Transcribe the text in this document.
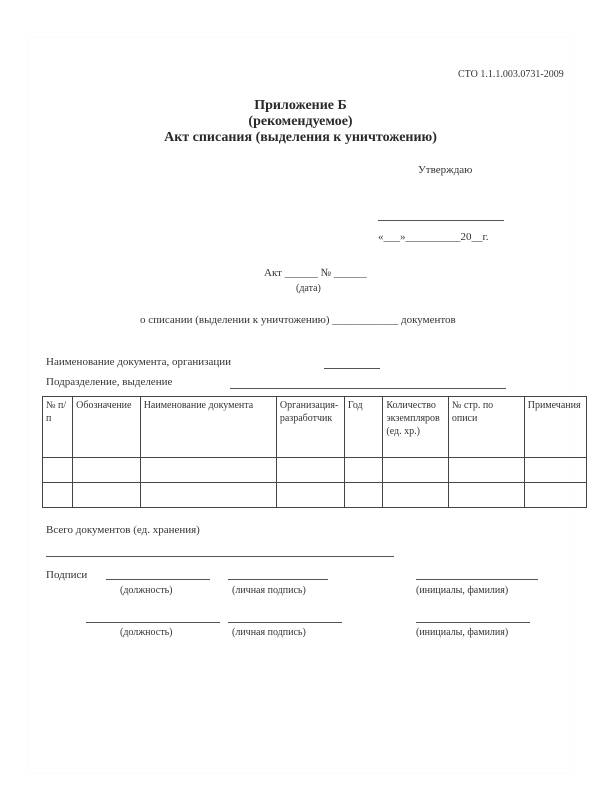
СТО 1.1.1.003.0731-2009
Приложение Б
(рекомендуемое)
Акт списания (выделения к уничтожению)
Утверждаю
«___»__________20__г.
Акт ______ № ______
(дата)
о списании (выделении к уничтожению) ____________ документов
Наименование документа, организации
Подразделение, выделение
№ п/п	Обозначение	Наименование документа	Организация-разработчик	Год	Количество экземпляров (ед. хр.)	№ стр. по описи	Примечания

Всего документов (ед. хранения)
Подписи
(должность)	(личная подпись)	(инициалы, фамилия)
(должность)	(личная подпись)	(инициалы, фамилия)
